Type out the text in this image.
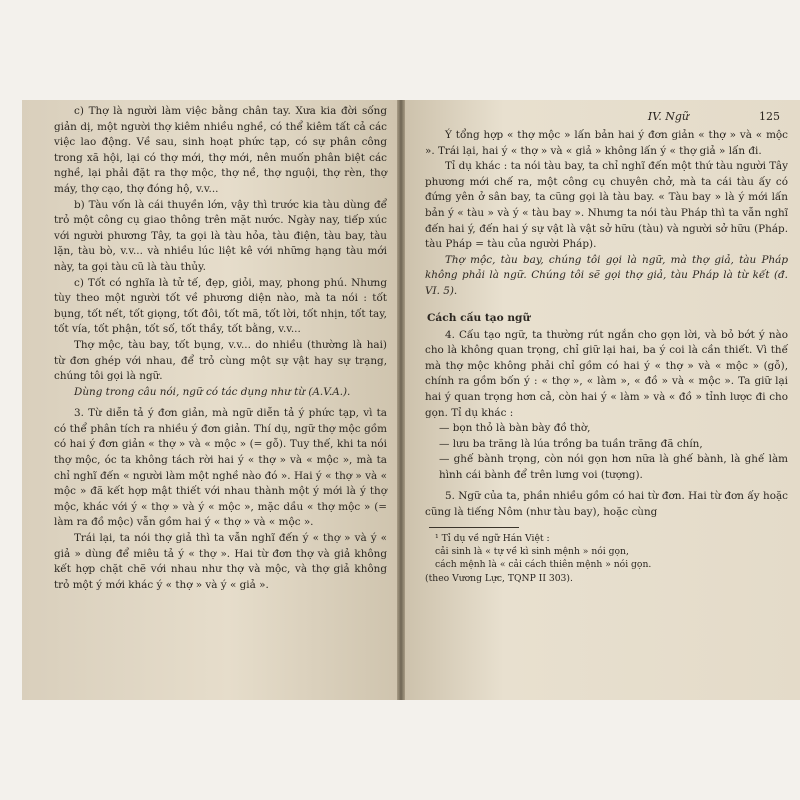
c) Thợ là người làm việc bằng chân tay. Xưa kia đời sống giản dị, một người thợ kiêm nhiều nghề, có thể kiêm tất cả các việc lao động. Về sau, sinh hoạt phức tạp, có sự phân công trong xã hội, lại có thợ mới, thợ mới, nên muốn phân biệt các nghề, lại phải đặt ra thợ mộc, thợ nề, thợ nguội, thợ rèn, thợ máy, thợ cạo, thợ đóng hộ, v.v...

b) Tàu vốn là cái thuyền lớn, vậy thì trước kia tàu dùng để trỏ một công cụ giao thông trên mặt nước. Ngày nay, tiếp xúc với người phương Tây, ta gọi là tàu hỏa, tàu điện, tàu bay, tàu lặn, tàu bò, v.v... và nhiều lúc liệt kê với những hạng tàu mới này, ta gọi tàu cũ là tàu thủy.

c) Tốt có nghĩa là tử tế, đẹp, giỏi, may, phong phú. Nhưng tùy theo một người tốt về phương diện nào, mà ta nói : tốt bụng, tốt nết, tốt giọng, tốt đôi, tốt mã, tốt lời, tốt nhịn, tốt tay, tốt vía, tốt phận, tốt số, tốt thầy, tốt bằng, v.v...

Thợ mộc, tàu bay, tốt bụng, v.v... do nhiều (thường là hai) từ đơn ghép với nhau, để trỏ cùng một sự vật hay sự trạng, chúng tôi gọi là ngữ.

Dùng trong câu nói, ngữ có tác dụng như từ (A.V.A.).

3. Từ diễn tả ý đơn giản, mà ngữ diễn tả ý phức tạp, vì ta có thể phân tích ra nhiều ý đơn giản. Thí dụ, ngữ thợ mộc gồm có hai ý đơn giản « thợ » và « mộc » (= gỗ). Tuy thế, khi ta nói thợ mộc, óc ta không tách rời hai ý « thợ » và « mộc », mà ta chỉ nghĩ đến « người làm một nghề nào đó ». Hai ý « thợ » và « mộc » đã kết hợp mật thiết với nhau thành một ý mới là ý thợ mộc, khác với ý « thợ » và ý « mộc », mặc dầu « thợ mộc » (= làm ra đồ mộc) vẫn gồm hai ý « thợ » và « mộc ».

Trái lại, ta nói thợ giả thì ta vẫn nghĩ đến ý « thợ » và ý « giả » dùng để miêu tả ý « thợ ». Hai từ đơn thợ và giả không kết hợp chặt chẽ với nhau như thợ và mộc, và thợ giả không trỏ một ý mới khác ý « thợ » và ý « giả ».

IV. Ngữ	125

Ý tổng hợp « thợ mộc » lấn bản hai ý đơn giản « thợ » và « mộc ». Trái lại, hai ý « thợ » và « giả » không lấn ý « thợ giả » lấn đi.

Tỉ dụ khác : ta nói tàu bay, ta chỉ nghĩ đến một thứ tàu người Tây phương mới chế ra, một công cụ chuyên chở, mà ta cái tàu ấy có đứng yên ở sân bay, ta cũng gọi là tàu bay. « Tàu bay » là ý mới lấn bản ý « tàu » và ý « tàu bay ». Nhưng ta nói tàu Pháp thì ta vẫn nghĩ đến hai ý, đến hai ý sự vật là vật sở hữu (tàu) và người sở hữu (Pháp. tàu Pháp = tàu của người Pháp).

Thợ mộc, tàu bay, chúng tôi gọi là ngữ, mà thợ giả, tàu Pháp không phải là ngữ. Chúng tôi sẽ gọi thợ giả, tàu Pháp là từ kết (đ. VI. 5).

Cách cấu tạo ngữ

4. Cấu tạo ngữ, ta thường rút ngắn cho gọn lời, và bỏ bớt ý nào cho là không quan trọng, chỉ giữ lại hai, ba ý coi là cần thiết. Vì thế mà thợ mộc không phải chỉ gồm có hai ý « thợ » và « mộc » (gỗ), chính ra gồm bốn ý : « thợ », « làm », « đồ » và « mộc ». Ta giữ lại hai ý quan trọng hơn cả, còn hai ý « làm » và « đồ » tỉnh lược đi cho gọn. Tỉ dụ khác :

— bọn thỏ là bàn bày đồ thờ,

— lưu ba trăng là lúa trồng ba tuần trăng đã chín,

— ghế bành trọng, còn nói gọn hơn nữa là ghế bành, là ghế làm hình cái bành để trên lưng voi (tượng).

5. Ngữ của ta, phần nhiều gồm có hai từ đơn. Hai từ đơn ấy hoặc cũng là tiếng Nôm (như tàu bay), hoặc cùng

¹ Tỉ dụ về ngữ Hán Việt :

cải sinh là « tự về kì sinh mệnh » nói gọn,

cách mệnh là « cải cách thiên mệnh » nói gọn.

(theo Vương Lực, TQNP II 303).
